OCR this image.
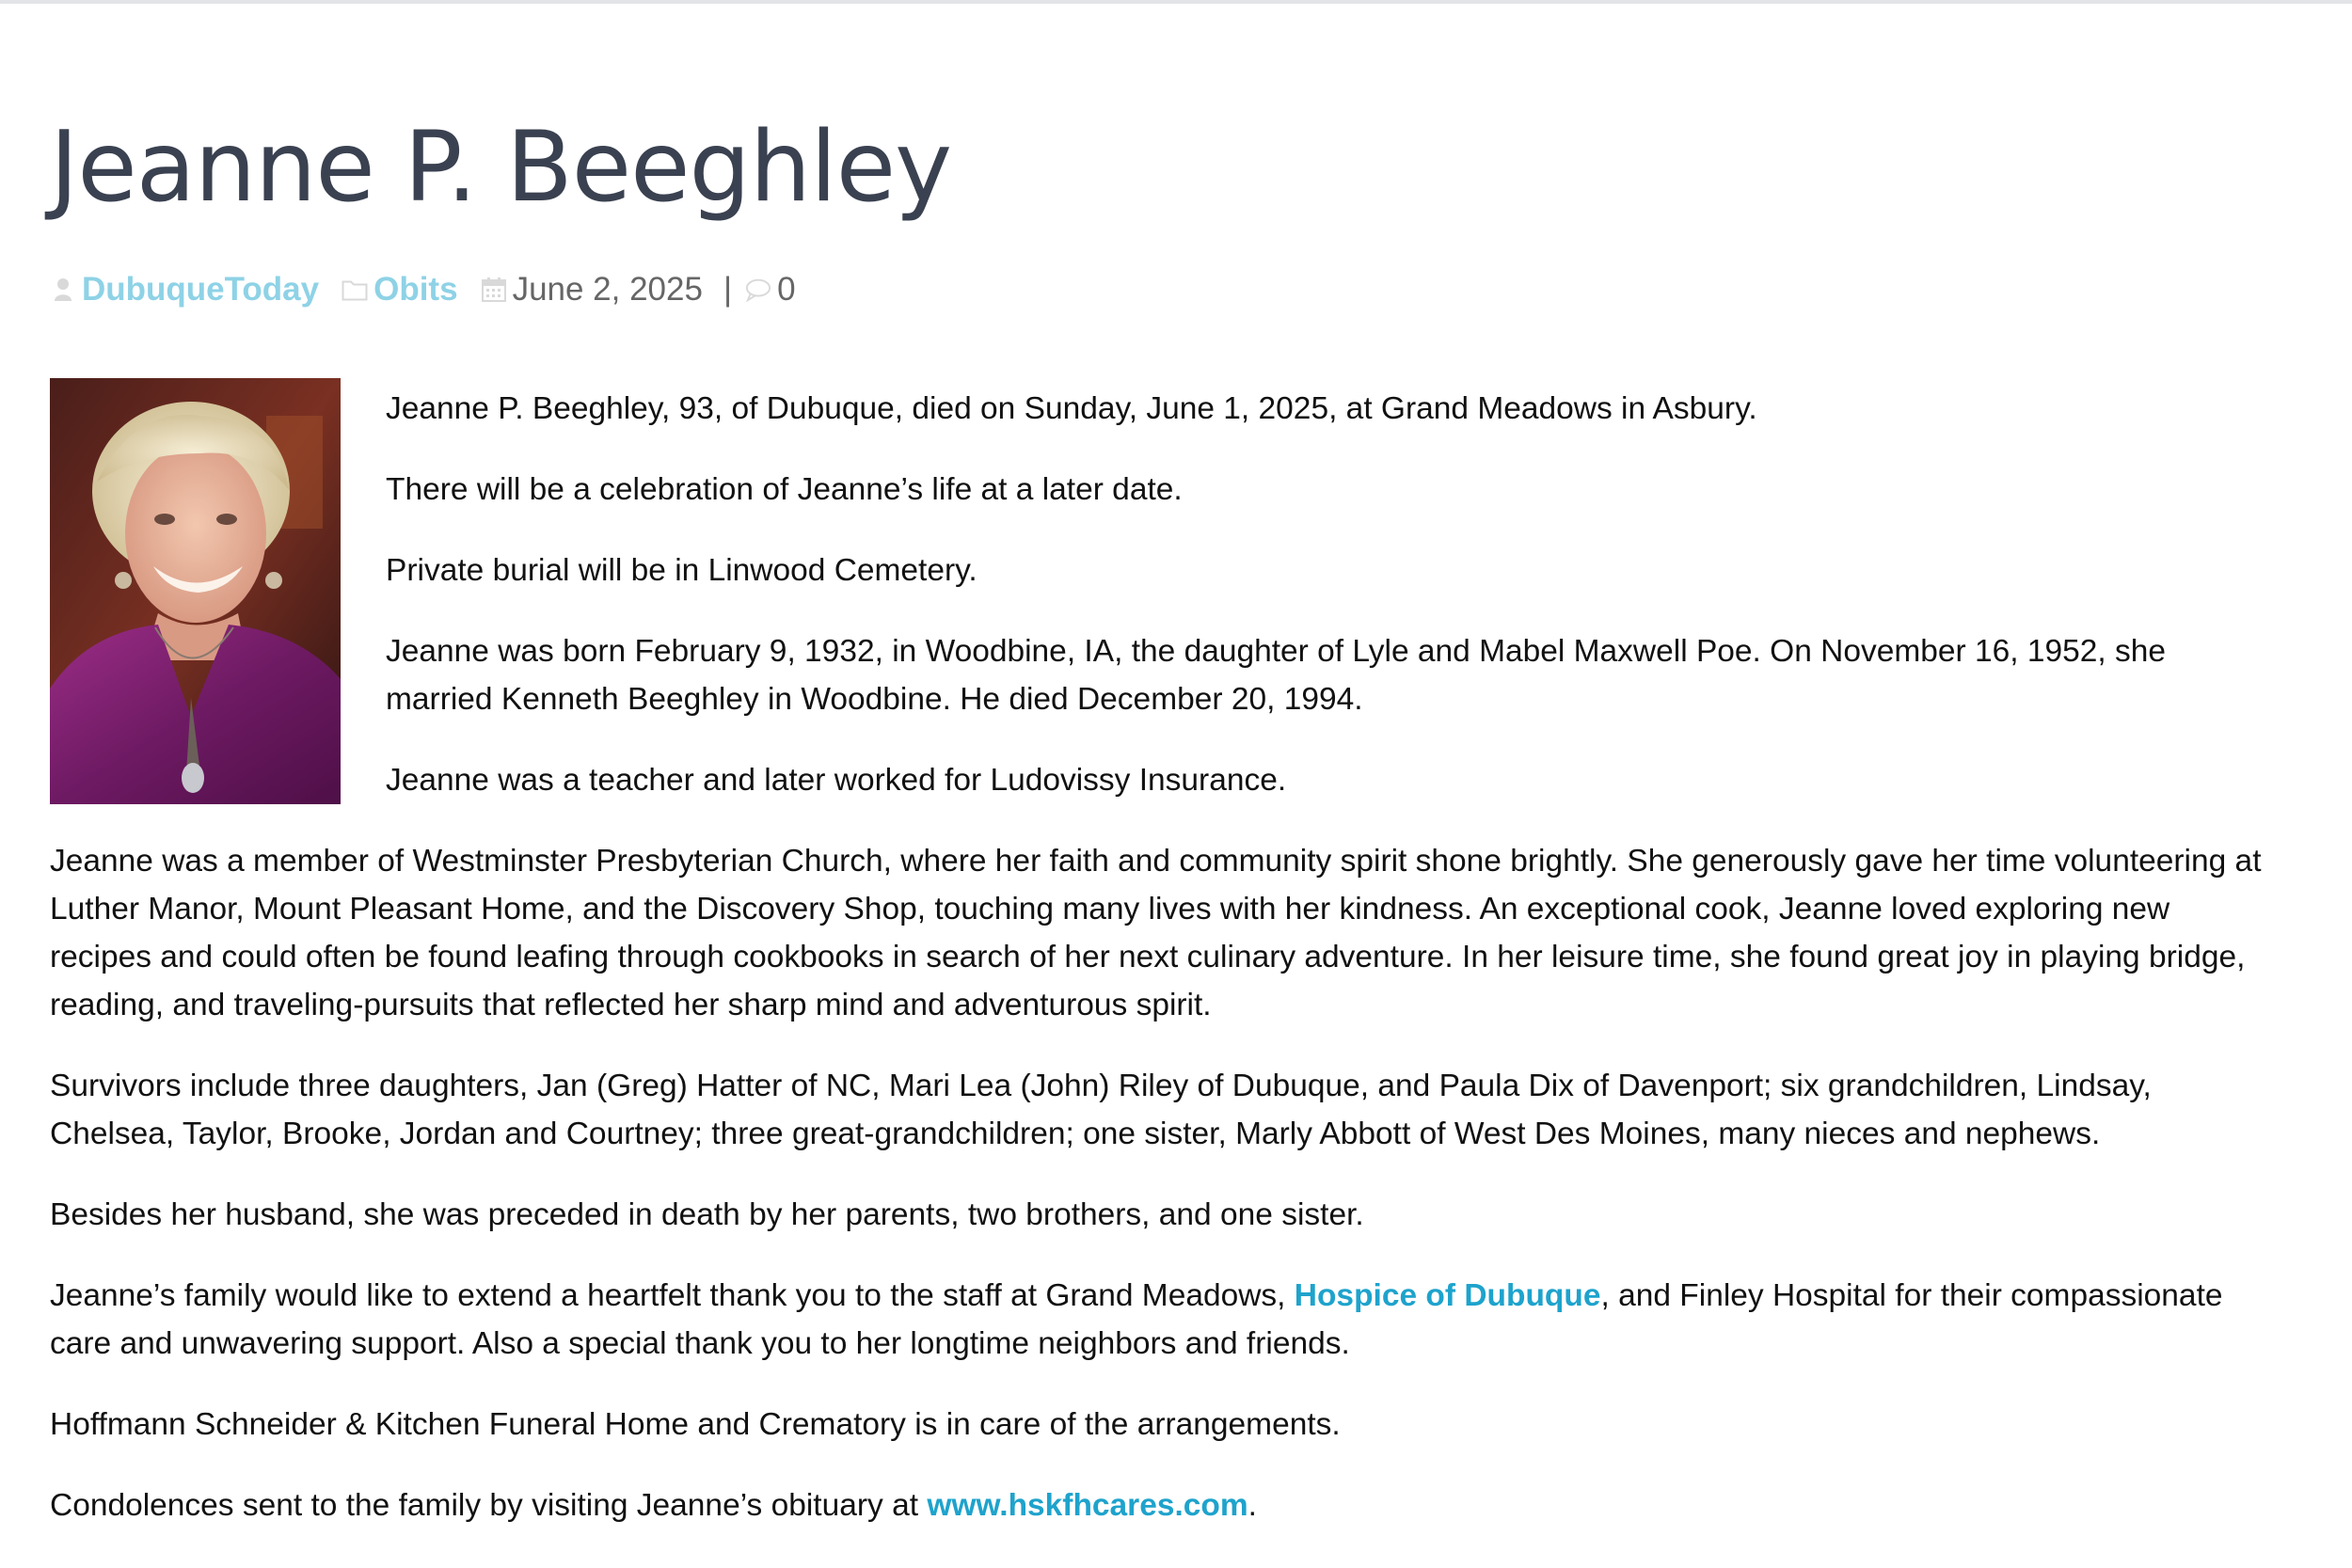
Jeanne P. Beeghley
DubuqueToday Obits June 2, 2025 | 0

Jeanne P. Beeghley, 93, of Dubuque, died on Sunday, June 1, 2025, at Grand Meadows in Asbury.

There will be a celebration of Jeanne’s life at a later date.

Private burial will be in Linwood Cemetery.

Jeanne was born February 9, 1932, in Woodbine, IA, the daughter of Lyle and Mabel Maxwell Poe. On November 16, 1952, she married Kenneth Beeghley in Woodbine. He died December 20, 1994.

Jeanne was a teacher and later worked for Ludovissy Insurance.

Jeanne was a member of Westminster Presbyterian Church, where her faith and community spirit shone brightly. She generously gave her time volunteering at Luther Manor, Mount Pleasant Home, and the Discovery Shop, touching many lives with her kindness. An exceptional cook, Jeanne loved exploring new recipes and could often be found leafing through cookbooks in search of her next culinary adventure. In her leisure time, she found great joy in playing bridge, reading, and traveling-pursuits that reflected her sharp mind and adventurous spirit.

Survivors include three daughters, Jan (Greg) Hatter of NC, Mari Lea (John) Riley of Dubuque, and Paula Dix of Davenport; six grandchildren, Lindsay, Chelsea, Taylor, Brooke, Jordan and Courtney; three great-grandchildren; one sister, Marly Abbott of West Des Moines, many nieces and nephews.

Besides her husband, she was preceded in death by her parents, two brothers, and one sister.

Jeanne’s family would like to extend a heartfelt thank you to the staff at Grand Meadows, Hospice of Dubuque, and Finley Hospital for their compassionate care and unwavering support. Also a special thank you to her longtime neighbors and friends.

Hoffmann Schneider & Kitchen Funeral Home and Crematory is in care of the arrangements.

Condolences sent to the family by visiting Jeanne’s obituary at www.hskfhcares.com.
